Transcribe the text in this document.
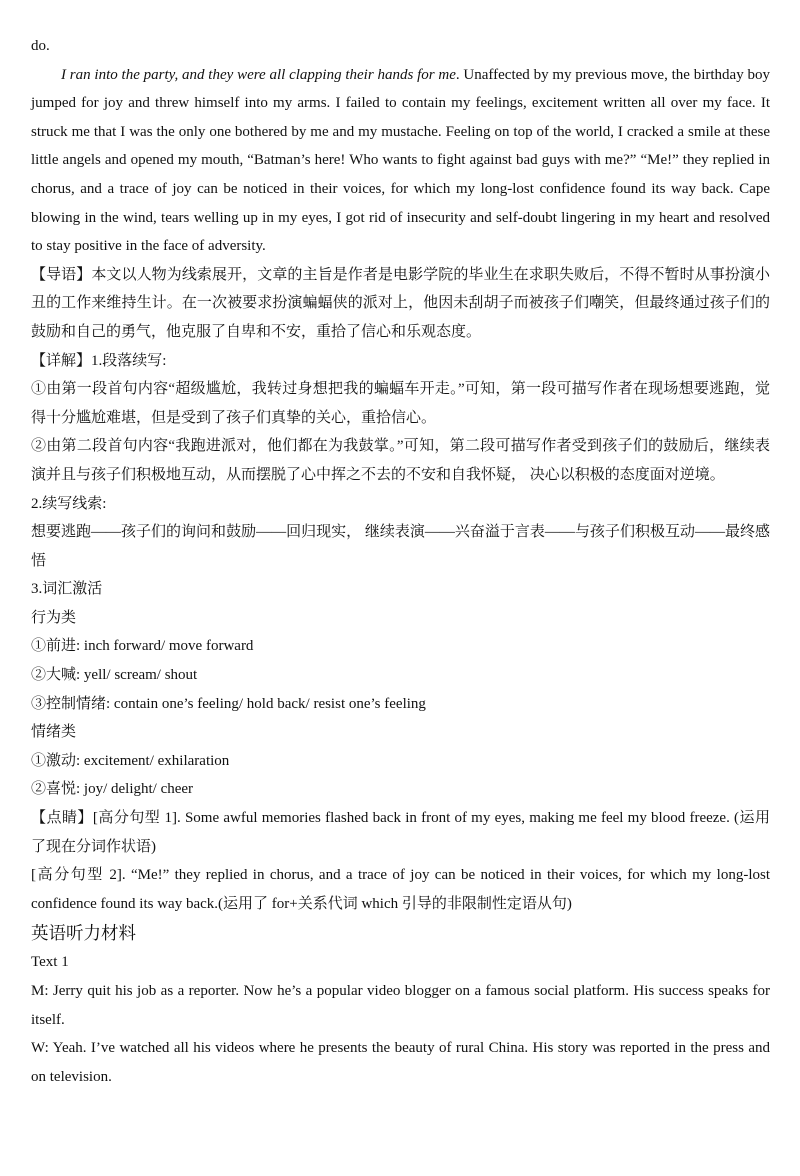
do.

I ran into the party, and they were all clapping their hands for me. Unaffected by my previous move, the birthday boy jumped for joy and threw himself into my arms. I failed to contain my feelings, excitement written all over my face. It struck me that I was the only one bothered by me and my mustache. Feeling on top of the world, I cracked a smile at these little angels and opened my mouth, “Batman’s here! Who wants to fight against bad guys with me?” “Me!” they replied in chorus, and a trace of joy can be noticed in their voices, for which my long-lost confidence found its way back. Cape blowing in the wind, tears welling up in my eyes, I got rid of insecurity and self-doubt lingering in my heart and resolved to stay positive in the face of adversity.

【导语】本文以人物为线索展开，文章的主旨是作者是电影学院的毕业生在求职失败后，不得不暂时从事扮演小丑的工作来维持生计。在一次被要求扮演蝙蝠侠的派对上，他因未刮胡子而被孩子们嘲笑，但最终通过孩子们的鼓励和自己的勇气，他克服了自卑和不安，重拾了信心和乐观态度。

【详解】1.段落续写:

①由第一段首句内容“超级尴尬，我转过身想把我的蝙蝠车开走。”可知，第一段可描写作者在现场想要逃跑，觉得十分尴尬难堪，但是受到了孩子们真挚的关心，重拾信心。

②由第二段首句内容“我跑进派对，他们都在为我鼓掌。”可知，第二段可描写作者受到孩子们的鼓励后，继续表演并且与孩子们积极地互动，从而摆脱了心中挥之不去的不安和自我怀疑， 决心以积极的态度面对逆境。

2.续写线索:

想要逃跑——孩子们的询问和鼓励——回归现实， 继续表演——兴奋溢于言表——与孩子们积极互动——最终感悟

3.词汇激活

行为类

①前进: inch forward/ move forward

②大喊: yell/ scream/ shout

③控制情绪: contain one’s feeling/ hold back/ resist one’s feeling

情绪类

①激动: excitement/ exhilaration

②喜悦: joy/ delight/ cheer

【点睛】[高分句型 1]. Some awful memories flashed back in front of my eyes, making me feel my blood freeze. (运用了现在分词作状语)

[高分句型 2]. “Me!” they replied in chorus, and a trace of joy can be noticed in their voices, for which my long-lost confidence found its way back.(运用了 for+关系代词 which 引导的非限制性定语从句)

英语听力材料

Text 1

M: Jerry quit his job as a reporter. Now he’s a popular video blogger on a famous social platform. His success speaks for itself.

W: Yeah. I’ve watched all his videos where he presents the beauty of rural China. His story was reported in the press and on television.
